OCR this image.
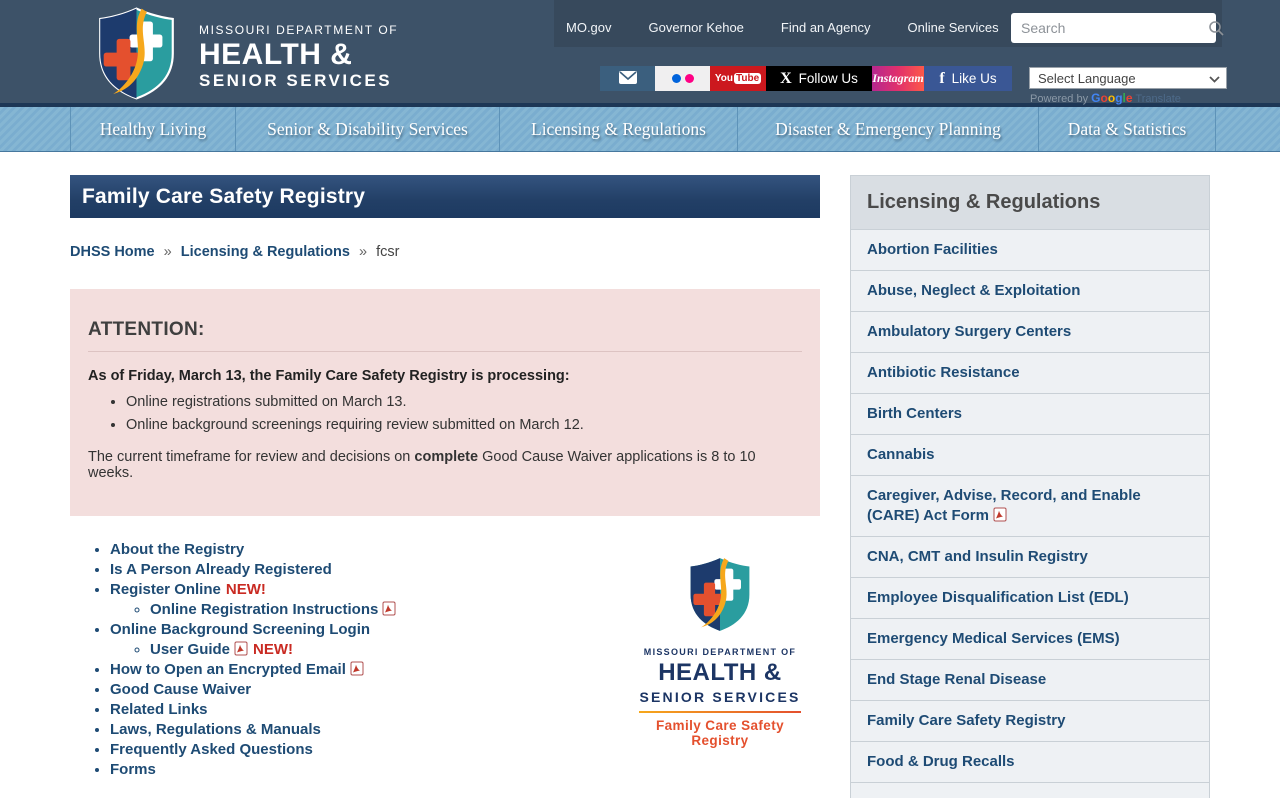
MISSOURI DEPARTMENT OF
HEALTH &
SENIOR SERVICES
MO.gov	Governor Kehoe	Find an Agency	Online Services
Search
You Tube X Follow Us Instagram f Like Us	Select Language
Powered by Google Translate
Healthy Living	Senior & Disability Services	Licensing & Regulations	Disaster & Emergency Planning	Data & Statistics
Family Care Safety Registry
DHSS Home » Licensing & Regulations » fcsr
ATTENTION:

As of Friday, March 13, the Family Care Safety Registry is processing:

• Online registrations submitted on March 13.
• Online background screenings requiring review submitted on March 12.

The current timeframe for review and decisions on complete Good Cause Waiver applications is 8 to 10 weeks.

• About the Registry
• Is A Person Already Registered
• Register Online NEW!
◦ Online Registration Instructions
• Online Background Screening Login
◦ User Guide NEW!
• How to Open an Encrypted Email
• Good Cause Waiver
• Related Links
• Laws, Regulations & Manuals
• Frequently Asked Questions
• Forms
MISSOURI DEPARTMENT OF
HEALTH &
SENIOR SERVICES
Family Care Safety Registry
Licensing & Regulations
Abortion Facilities
Abuse, Neglect & Exploitation
Ambulatory Surgery Centers
Antibiotic Resistance
Birth Centers
Cannabis
Caregiver, Advise, Record, and Enable (CARE) Act Form
CNA, CMT and Insulin Registry
Employee Disqualification List (EDL)
Emergency Medical Services (EMS)
End Stage Renal Disease
Family Care Safety Registry
Food & Drug Recalls
